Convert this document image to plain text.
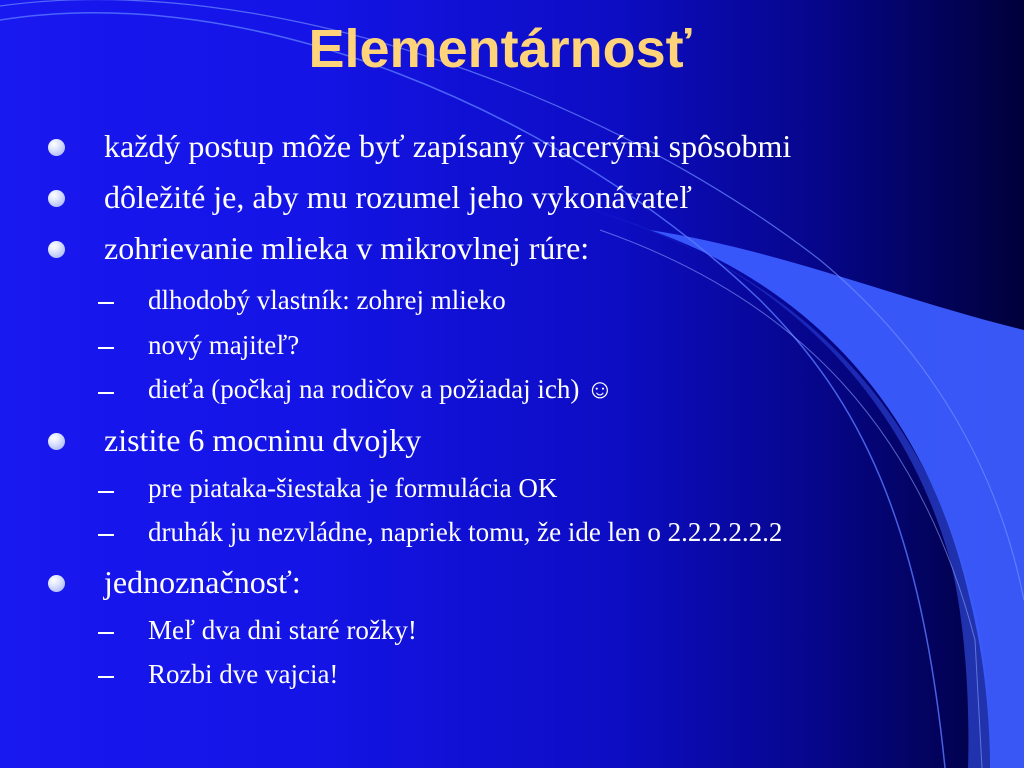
Elementárnosť
každý postup môže byť zapísaný viacerými spôsobmi
dôležité je, aby mu rozumel jeho vykonávateľ
zohrievanie mlieka v mikrovlnej rúre:
dlhodobý vlastník: zohrej mlieko
nový majiteľ?
dieťa (počkaj na rodičov a požiadaj ich) ☺
zistite 6 mocninu dvojky
pre piataka-šiestaka je formulácia OK
druhák ju nezvládne, napriek tomu, že ide len o 2.2.2.2.2.2
jednoznačnosť:
Meľ dva dni staré rožky!
Rozbi dve vajcia!
